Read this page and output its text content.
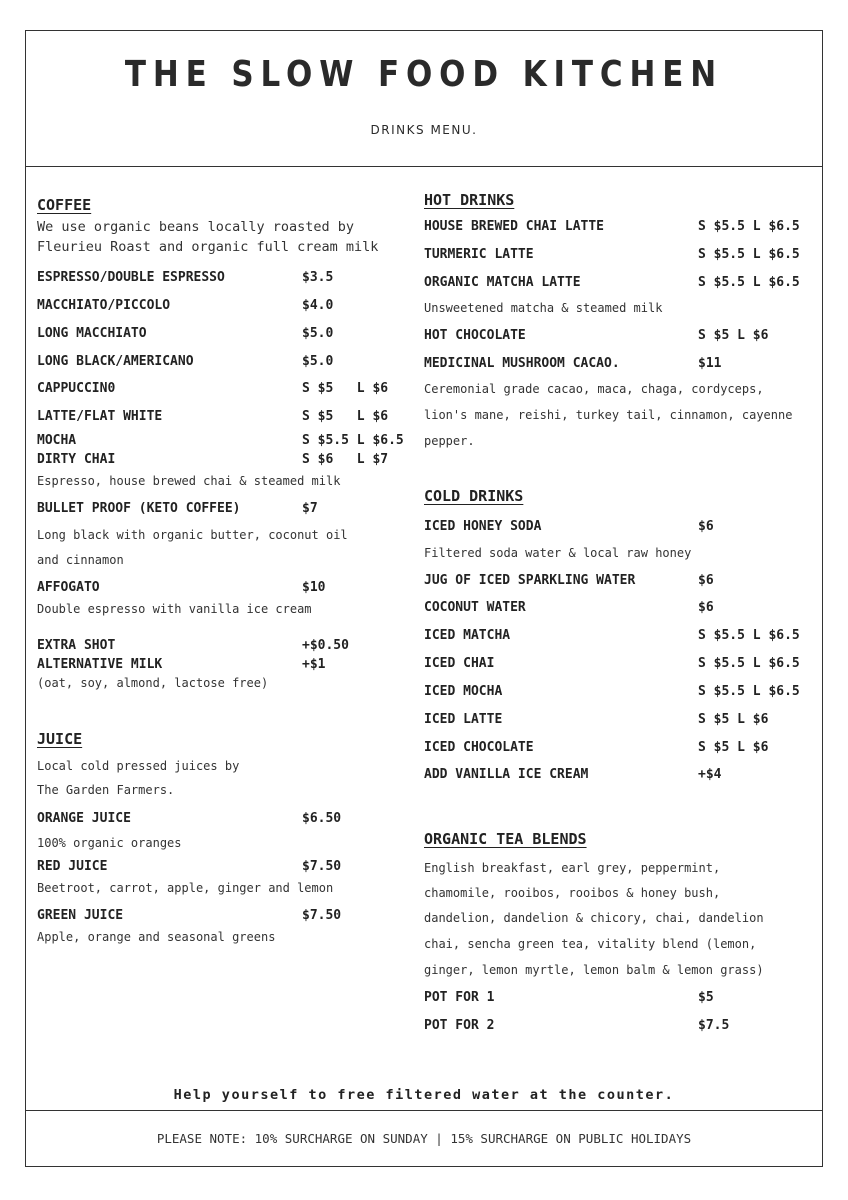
THE SLOW FOOD KITCHEN
DRINKS MENU.
COFFEE
We use organic beans locally roasted by
Fleurieu Roast and organic full cream milk
ESPRESSO/DOUBLE ESPRESSO	$3.5
MACCHIATO/PICCOLO	$4.0
LONG MACCHIATO	$5.0
LONG BLACK/AMERICANO	$5.0
CAPPUCCIN0	S $5   L $6
LATTE/FLAT WHITE	S $5   L $6
MOCHA	S $5.5 L $6.5
DIRTY CHAI	S $6   L $7
Espresso, house brewed chai & steamed milk
BULLET PROOF (KETO COFFEE)	$7
Long black with organic butter, coconut oil
and cinnamon
AFFOGATO	$10
Double espresso with vanilla ice cream
EXTRA SHOT	+$0.50
ALTERNATIVE MILK	+$1
(oat, soy, almond, lactose free)
JUICE
Local cold pressed juices by
The Garden Farmers.
ORANGE JUICE	$6.50
100% organic oranges
RED JUICE	$7.50
Beetroot, carrot, apple, ginger and lemon
GREEN JUICE	$7.50
Apple, orange and seasonal greens
HOT DRINKS
HOUSE BREWED CHAI LATTE	S $5.5 L $6.5
TURMERIC LATTE	S $5.5 L $6.5
ORGANIC MATCHA LATTE	S $5.5 L $6.5
Unsweetened matcha & steamed milk
HOT CHOCOLATE	S $5 L $6
MEDICINAL MUSHROOM CACAO.	$11
Ceremonial grade cacao, maca, chaga, cordyceps,
lion's mane, reishi, turkey tail, cinnamon, cayenne
pepper.
COLD DRINKS
ICED HONEY SODA	$6
Filtered soda water & local raw honey
JUG OF ICED SPARKLING WATER	$6
COCONUT WATER	$6
ICED MATCHA	S $5.5 L $6.5
ICED CHAI	S $5.5 L $6.5
ICED MOCHA	S $5.5 L $6.5
ICED LATTE	S $5 L $6
ICED CHOCOLATE	S $5 L $6
ADD VANILLA ICE CREAM	+$4
ORGANIC TEA BLENDS
English breakfast, earl grey, peppermint,
chamomile, rooibos, rooibos & honey bush,
dandelion, dandelion & chicory, chai, dandelion
chai, sencha green tea, vitality blend (lemon,
ginger, lemon myrtle, lemon balm & lemon grass)
POT FOR 1	$5
POT FOR 2	$7.5
Help yourself to free filtered water at the counter.
PLEASE NOTE: 10% SURCHARGE ON SUNDAY | 15% SURCHARGE ON PUBLIC HOLIDAYS
